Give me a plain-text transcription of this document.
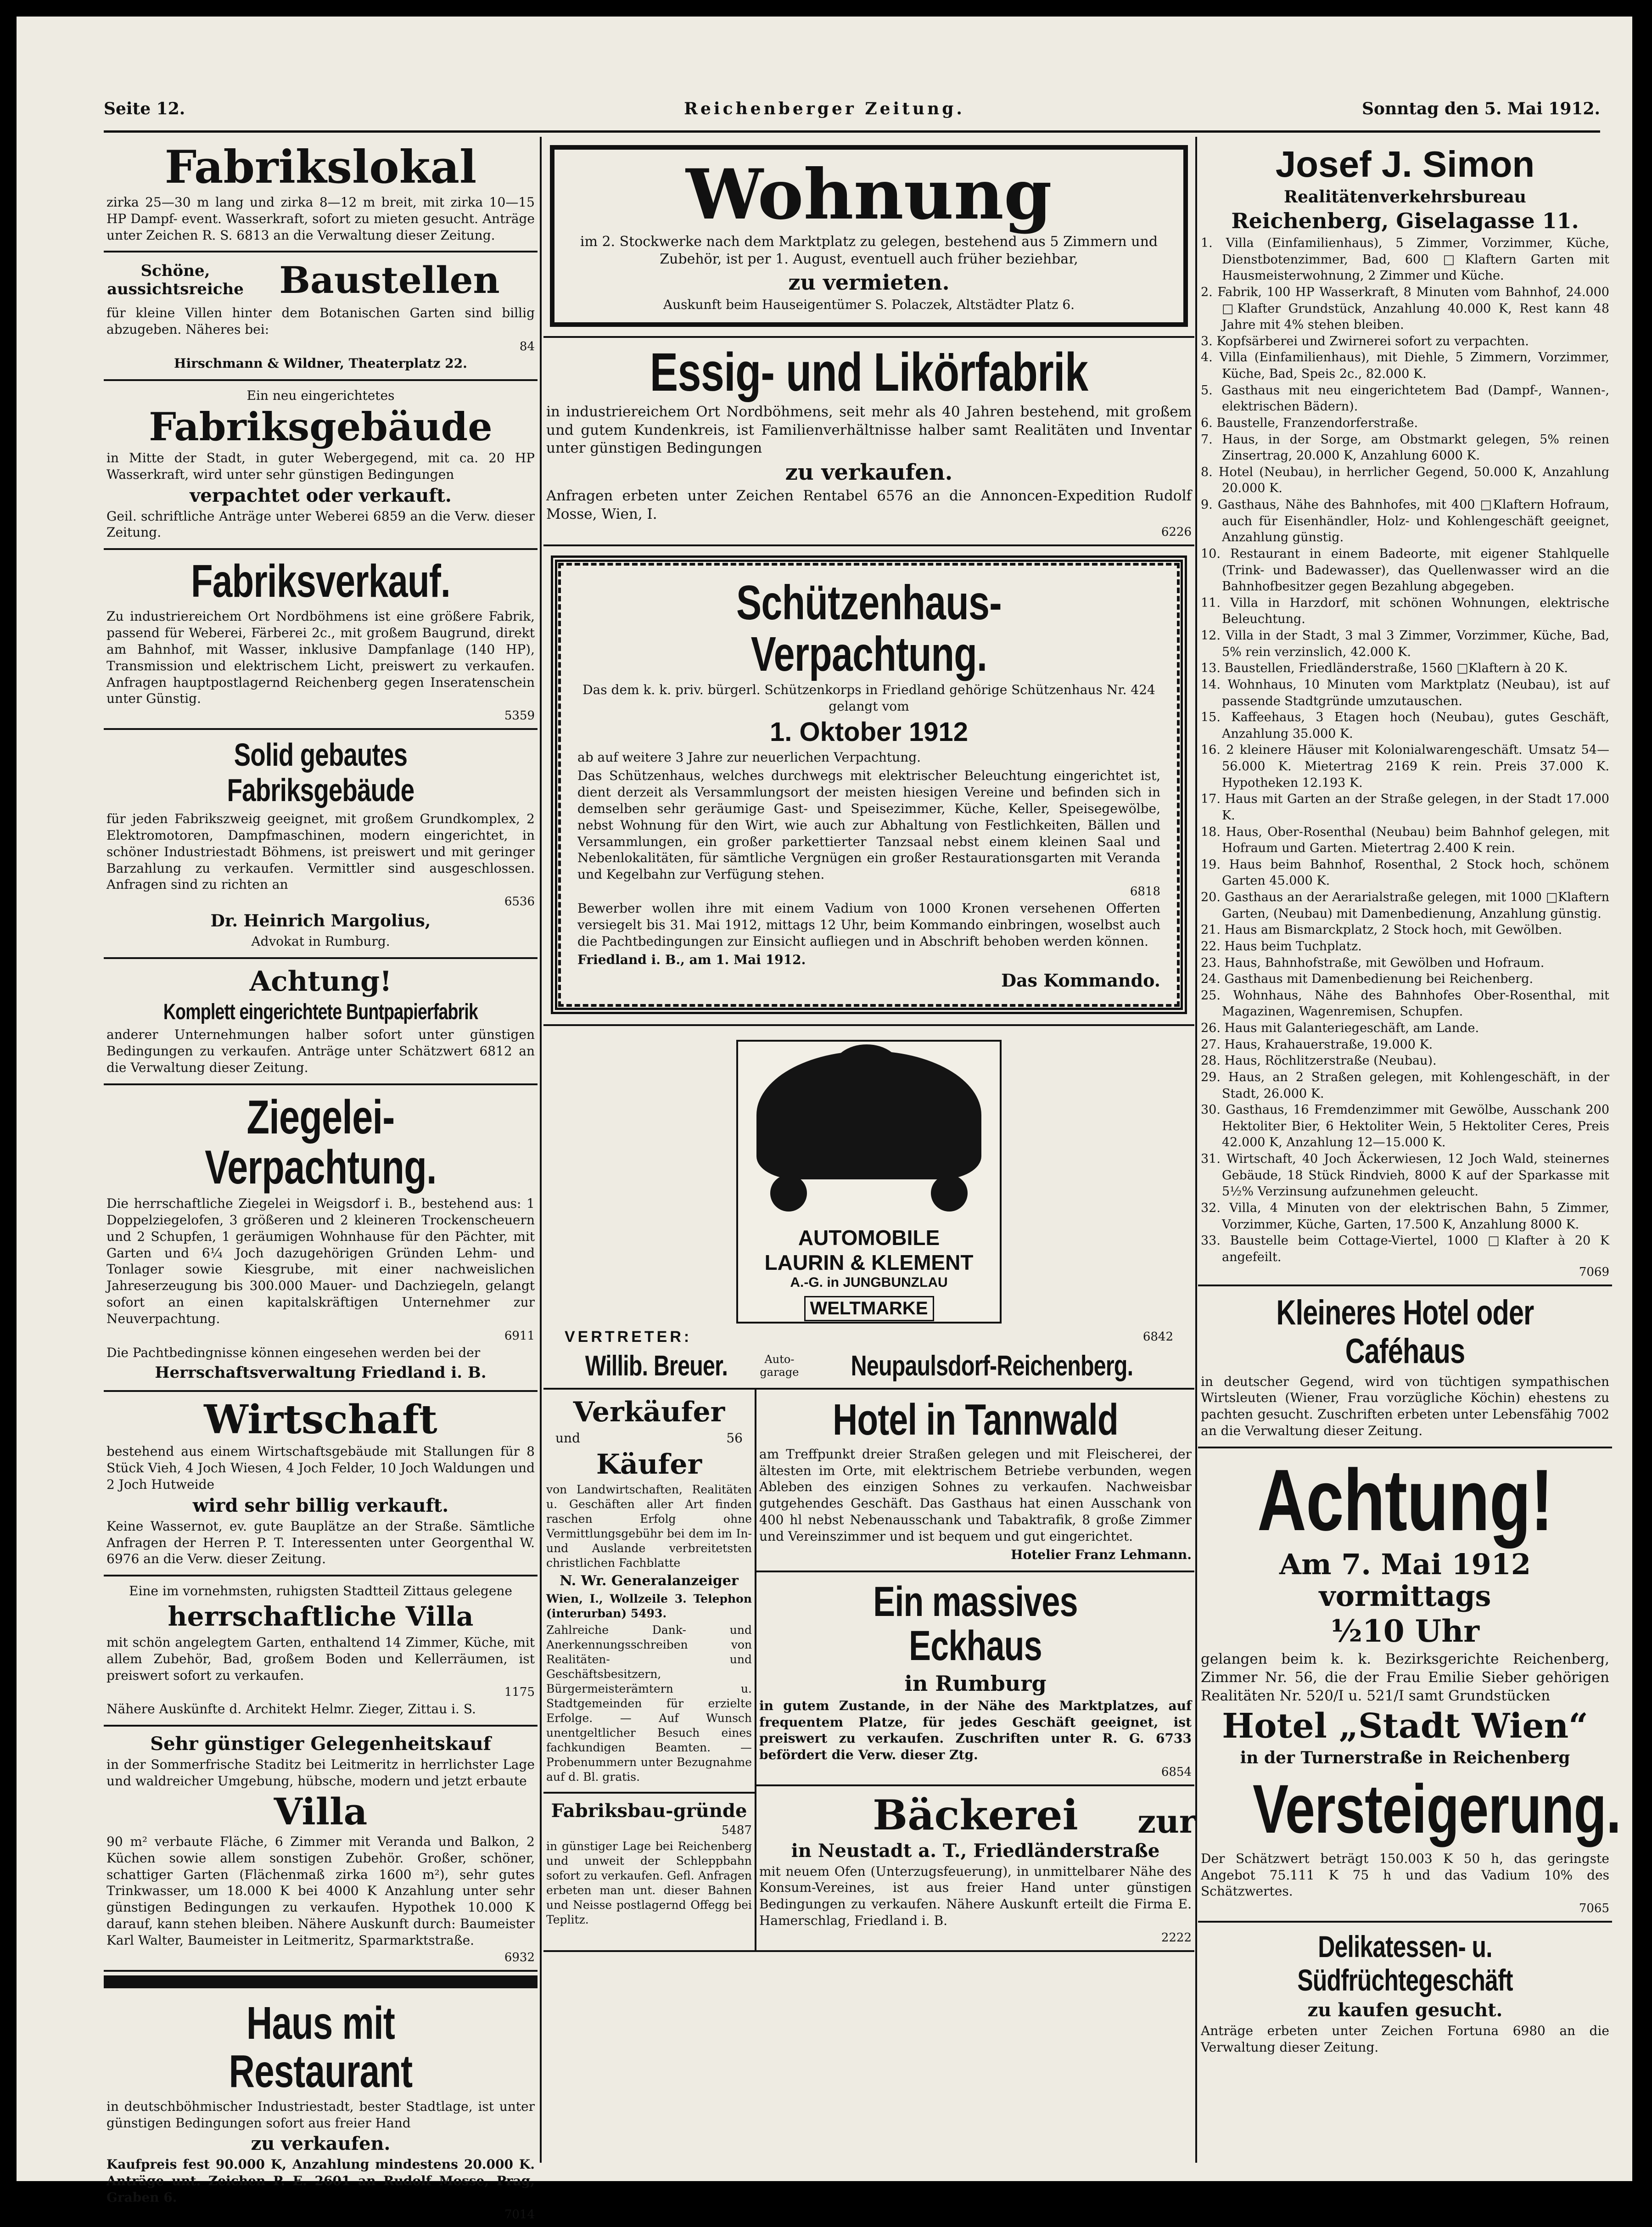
Seite 12.	Reichenberger Zeitung.	Sonntag den 5. Mai 1912.
Fabrikslokal

zirka 25—30 m lang und zirka 8—12 m breit, mit zirka 10—15 HP Dampf- event. Wasserkraft, sofort zu mieten gesucht. Anträge unter Zeichen R. S. 6813 an die Verwaltung dieser Zeitung.

Schöne,
aussichtsreiche Baustellen

für kleine Villen hinter dem Botanischen Garten sind billig abzugeben. Näheres bei:

84

Hirschmann & Wildner, Theaterplatz 22.

Ein neu eingerichtetes

Fabriksgebäude

in Mitte der Stadt, in guter Webergegend, mit ca. 20 HP Wasserkraft, wird unter sehr günstigen Bedingungen

verpachtet oder verkauft.

Geil. schriftliche Anträge unter Weberei 6859 an die Verw. dieser Zeitung.

Fabriksverkauf.

Zu industriereichem Ort Nordböhmens ist eine größere Fabrik, passend für Weberei, Färberei 2c., mit großem Baugrund, direkt am Bahnhof, mit Wasser, inklusive Dampfanlage (140 HP), Transmission und elektrischem Licht, preiswert zu verkaufen. Anfragen hauptpostlagernd Reichenberg gegen Inseratenschein unter Günstig.

5359
Solid gebautes Fabriksgebäude

für jeden Fabrikszweig geeignet, mit großem Grundkomplex, 2 Elektromotoren, Dampfmaschinen, modern eingerichtet, in schöner Industriestadt Böhmens, ist preiswert und mit geringer Barzahlung zu verkaufen. Vermittler sind ausgeschlossen. Anfragen sind zu richten an

6536

Dr. Heinrich Margolius,

Advokat in Rumburg.

Achtung!
Komplett eingerichtete Buntpapierfabrik

anderer Unternehmungen halber sofort unter günstigen Bedingungen zu verkaufen. Anträge unter Schätzwert 6812 an die Verwaltung dieser Zeitung.

Ziegelei-Verpachtung.

Die herrschaftliche Ziegelei in Weigsdorf i. B., bestehend aus: 1 Doppelziegelofen, 3 größeren und 2 kleineren Trockenscheuern und 2 Schupfen, 1 geräumigen Wohnhause für den Pächter, mit Garten und 6¼ Joch dazugehörigen Gründen Lehm- und Tonlager sowie Kiesgrube, mit einer nachweislichen Jahreserzeugung bis 300.000 Mauer- und Dachziegeln, gelangt sofort an einen kapitalskräftigen Unternehmer zur Neuverpachtung.

6911

Die Pachtbedingnisse können eingesehen werden bei der

Herrschaftsverwaltung Friedland i. B.

Wirtschaft

bestehend aus einem Wirtschaftsgebäude mit Stallungen für 8 Stück Vieh, 4 Joch Wiesen, 4 Joch Felder, 10 Joch Waldungen und 2 Joch Hutweide

wird sehr billig verkauft.

Keine Wassernot, ev. gute Bauplätze an der Straße. Sämtliche Anfragen der Herren P. T. Interessenten unter Georgenthal W. 6976 an die Verw. dieser Zeitung.

Eine im vornehmsten, ruhigsten Stadtteil Zittaus gelegene

herrschaftliche Villa

mit schön angelegtem Garten, enthaltend 14 Zimmer, Küche, mit allem Zubehör, Bad, großem Boden und Kellerräumen, ist preiswert sofort zu verkaufen.

1175

Nähere Auskünfte d. Architekt Helmr. Zieger, Zittau i. S.

Sehr günstiger Gelegenheitskauf

in der Sommerfrische Staditz bei Leitmeritz in herrlichster Lage und waldreicher Umgebung, hübsche, modern und jetzt erbaute

Villa

90 m² verbaute Fläche, 6 Zimmer mit Veranda und Balkon, 2 Küchen sowie allem sonstigen Zubehör. Großer, schöner, schattiger Garten (Flächenmaß zirka 1600 m²), sehr gutes Trinkwasser, um 18.000 K bei 4000 K Anzahlung unter sehr günstigen Bedingungen zu verkaufen. Hypothek 10.000 K darauf, kann stehen bleiben. Nähere Auskunft durch: Baumeister Karl Walter, Baumeister in Leitmeritz, Sparmarktstraße.

6932
Haus mit Restaurant

in deutschböhmischer Industriestadt, bester Stadtlage, ist unter günstigen Bedingungen sofort aus freier Hand

zu verkaufen.

Kaufpreis fest 90.000 K, Anzahlung mindestens 20.000 K. Anträge unt. Zeichen P. E. 2601 an Rudolf Mosse, Prag, Graben 6.

7014
Wohnung

im 2. Stockwerke nach dem Marktplatz zu gelegen, bestehend aus 5 Zimmern und Zubehör, ist per 1. August, eventuell auch früher beziehbar,

zu vermieten.

Auskunft beim Hauseigentümer S. Polaczek, Altstädter Platz 6.

Essig- und Likörfabrik

in industriereichem Ort Nordböhmens, seit mehr als 40 Jahren bestehend, mit großem und gutem Kundenkreis, ist Familienverhältnisse halber samt Realitäten und Inventar unter günstigen Bedingungen

zu verkaufen.

Anfragen erbeten unter Zeichen Rentabel 6576 an die Annoncen-Expedition Rudolf Mosse, Wien, I.

6226
Schützenhaus-Verpachtung.

Das dem k. k. priv. bürgerl. Schützenkorps in Friedland gehörige Schützenhaus Nr. 424 gelangt vom

1. Oktober 1912

ab auf weitere 3 Jahre zur neuerlichen Verpachtung.

Das Schützenhaus, welches durchwegs mit elektrischer Beleuchtung eingerichtet ist, dient derzeit als Versammlungsort der meisten hiesigen Vereine und befinden sich in demselben sehr geräumige Gast- und Speisezimmer, Küche, Keller, Speisegewölbe, nebst Wohnung für den Wirt, wie auch zur Abhaltung von Festlichkeiten, Bällen und Versammlungen, ein großer parkettierter Tanzsaal nebst einem kleinen Saal und Nebenlokalitäten, für sämtliche Vergnügen ein großer Restaurationsgarten mit Veranda und Kegelbahn zur Verfügung stehen.

6818

Bewerber wollen ihre mit einem Vadium von 1000 Kronen versehenen Offerten versiegelt bis 31. Mai 1912, mittags 12 Uhr, beim Kommando einbringen, woselbst auch die Pachtbedingungen zur Einsicht aufliegen und in Abschrift behoben werden können.

Friedland i. B., am 1. Mai 1912.

Das Kommando.

AUTOMOBILE
LAURIN & KLEMENT
A.-G. in JUNGBUNZLAU
WELTMARKE
VERTRETER:	6842
Willib. Breuer.	Auto-garage Neupaulsdorf-Reichenberg.
Verkäufer
und	56
Käufer

von Landwirtschaften, Realitäten u. Geschäften aller Art finden raschen Erfolg ohne Vermittlungsgebühr bei dem im In- und Auslande verbreitetsten christlichen Fachblatte

N. Wr. Generalanzeiger

Wien, I., Wollzeile 3. Telephon (interurban) 5493.

Zahlreiche Dank- und Anerkennungsschreiben von Realitäten- und Geschäftsbesitzern, Bürgermeisterämtern u. Stadtgemeinden für erzielte Erfolge. — Auf Wunsch unentgeltlicher Besuch eines fachkundigen Beamten. — Probenummern unter Bezugnahme auf d. Bl. gratis.

Fabriksbau-gründe
5487

in günstiger Lage bei Reichenberg und unweit der Schleppbahn sofort zu verkaufen. Gefl. Anfragen erbeten man unt. dieser Bahnen und Neisse postlagernd Offegg bei Teplitz.

Hotel in Tannwald

am Treffpunkt dreier Straßen gelegen und mit Fleischerei, der ältesten im Orte, mit elektrischem Betriebe verbunden, wegen Ableben des einzigen Sohnes zu verkaufen. Nachweisbar gutgehendes Geschäft. Das Gasthaus hat einen Ausschank von 400 hl nebst Nebenausschank und Tabaktrafik, 8 große Zimmer und Vereinszimmer und ist bequem und gut eingerichtet.

Hotelier Franz Lehmann.

Ein massives Eckhaus
in Rumburg

in gutem Zustande, in der Nähe des Marktplatzes, auf frequentem Platze, für jedes Geschäft geeignet, ist preiswert zu verkaufen. Zuschriften unter R. G. 6733 befördert die Verw. dieser Ztg.

6854
Bäckerei
in Neustadt a. T., Friedländerstraße

mit neuem Ofen (Unterzugsfeuerung), in unmittelbarer Nähe des Konsum-Vereines, ist aus freier Hand unter günstigen Bedingungen zu verkaufen. Nähere Auskunft erteilt die Firma E. Hamerschlag, Friedland i. B.

2222
Josef J. Simon
Realitätenverkehrsbureau
Reichenberg, Giselagasse 11.
1. Villa (Einfamilienhaus), 5 Zimmer, Vorzimmer, Küche, Dienstbotenzimmer, Bad, 600 □Klaftern Garten mit Hausmeisterwohnung, 2 Zimmer und Küche.
2. Fabrik, 100 HP Wasserkraft, 8 Minuten vom Bahnhof, 24.000 □Klafter Grundstück, Anzahlung 40.000 K, Rest kann 48 Jahre mit 4% stehen bleiben.
3. Kopfsärberei und Zwirnerei sofort zu verpachten.
4. Villa (Einfamilienhaus), mit Diehle, 5 Zimmern, Vorzimmer, Küche, Bad, Speis 2c., 82.000 K.
5. Gasthaus mit neu eingerichtetem Bad (Dampf-, Wannen-, elektrischen Bädern).
6. Baustelle, Franzendorferstraße.
7. Haus, in der Sorge, am Obstmarkt gelegen, 5% reinen Zinsertrag, 20.000 K, Anzahlung 6000 K.
8. Hotel (Neubau), in herrlicher Gegend, 50.000 K, Anzahlung 20.000 K.
9. Gasthaus, Nähe des Bahnhofes, mit 400 □Klaftern Hofraum, auch für Eisenhändler, Holz- und Kohlengeschäft geeignet, Anzahlung günstig.
10. Restaurant in einem Badeorte, mit eigener Stahlquelle (Trink- und Badewasser), das Quellenwasser wird an die Bahnhofbesitzer gegen Bezahlung abgegeben.
11. Villa in Harzdorf, mit schönen Wohnungen, elektrische Beleuchtung.
12. Villa in der Stadt, 3 mal 3 Zimmer, Vorzimmer, Küche, Bad, 5% rein verzinslich, 42.000 K.
13. Baustellen, Friedländerstraße, 1560 □Klaftern à 20 K.
14. Wohnhaus, 10 Minuten vom Marktplatz (Neubau), ist auf passende Stadtgründe umzutauschen.
15. Kaffeehaus, 3 Etagen hoch (Neubau), gutes Geschäft, Anzahlung 35.000 K.
16. 2 kleinere Häuser mit Kolonialwarengeschäft. Umsatz 54—56.000 K. Mietertrag 2169 K rein. Preis 37.000 K. Hypotheken 12.193 K.
17. Haus mit Garten an der Straße gelegen, in der Stadt 17.000 K.
18. Haus, Ober-Rosenthal (Neubau) beim Bahnhof gelegen, mit Hofraum und Garten. Mietertrag 2.400 K rein.
19. Haus beim Bahnhof, Rosenthal, 2 Stock hoch, schönem Garten 45.000 K.
20. Gasthaus an der Aerarialstraße gelegen, mit 1000 □Klaftern Garten, (Neubau) mit Damenbedienung, Anzahlung günstig.
21. Haus am Bismarckplatz, 2 Stock hoch, mit Gewölben.
22. Haus beim Tuchplatz.
23. Haus, Bahnhofstraße, mit Gewölben und Hofraum.
24. Gasthaus mit Damenbedienung bei Reichenberg.
25. Wohnhaus, Nähe des Bahnhofes Ober-Rosenthal, mit Magazinen, Wagenremisen, Schupfen.
26. Haus mit Galanteriegeschäft, am Lande.
27. Haus, Krahauerstraße, 19.000 K.
28. Haus, Röchlitzerstraße (Neubau).
29. Haus, an 2 Straßen gelegen, mit Kohlengeschäft, in der Stadt, 26.000 K.
30. Gasthaus, 16 Fremdenzimmer mit Gewölbe, Ausschank 200 Hektoliter Bier, 6 Hektoliter Wein, 5 Hektoliter Ceres, Preis 42.000 K, Anzahlung 12—15.000 K.
31. Wirtschaft, 40 Joch Äckerwiesen, 12 Joch Wald, steinernes Gebäude, 18 Stück Rindvieh, 8000 K auf der Sparkasse mit 5½% Verzinsung aufzunehmen geleucht.
32. Villa, 4 Minuten von der elektrischen Bahn, 5 Zimmer, Vorzimmer, Küche, Garten, 17.500 K, Anzahlung 8000 K.
33. Baustelle beim Cottage-Viertel, 1000 □Klafter à 20 K angefeilt.
7069
Kleineres Hotel oder Caféhaus

in deutscher Gegend, wird von tüchtigen sympathischen Wirtsleuten (Wiener, Frau vorzügliche Köchin) ehestens zu pachten gesucht. Zuschriften erbeten unter Lebensfähig 7002 an die Verwaltung dieser Zeitung.

Achtung!
Am 7. Mai 1912 vormittags
½10 Uhr

gelangen beim k. k. Bezirksgerichte Reichenberg, Zimmer Nr. 56, die der Frau Emilie Sieber gehörigen Realitäten Nr. 520/I u. 521/I samt Grundstücken

Hotel „Stadt Wien“
in der Turnerstraße in Reichenberg
zur Versteigerung.

Der Schätzwert beträgt 150.003 K 50 h, das geringste Angebot 75.111 K 75 h und das Vadium 10% des Schätzwertes.

7065
Delikatessen- u. Südfrüchtegeschäft
zu kaufen gesucht.

Anträge erbeten unter Zeichen Fortuna 6980 an die Verwaltung dieser Zeitung.
